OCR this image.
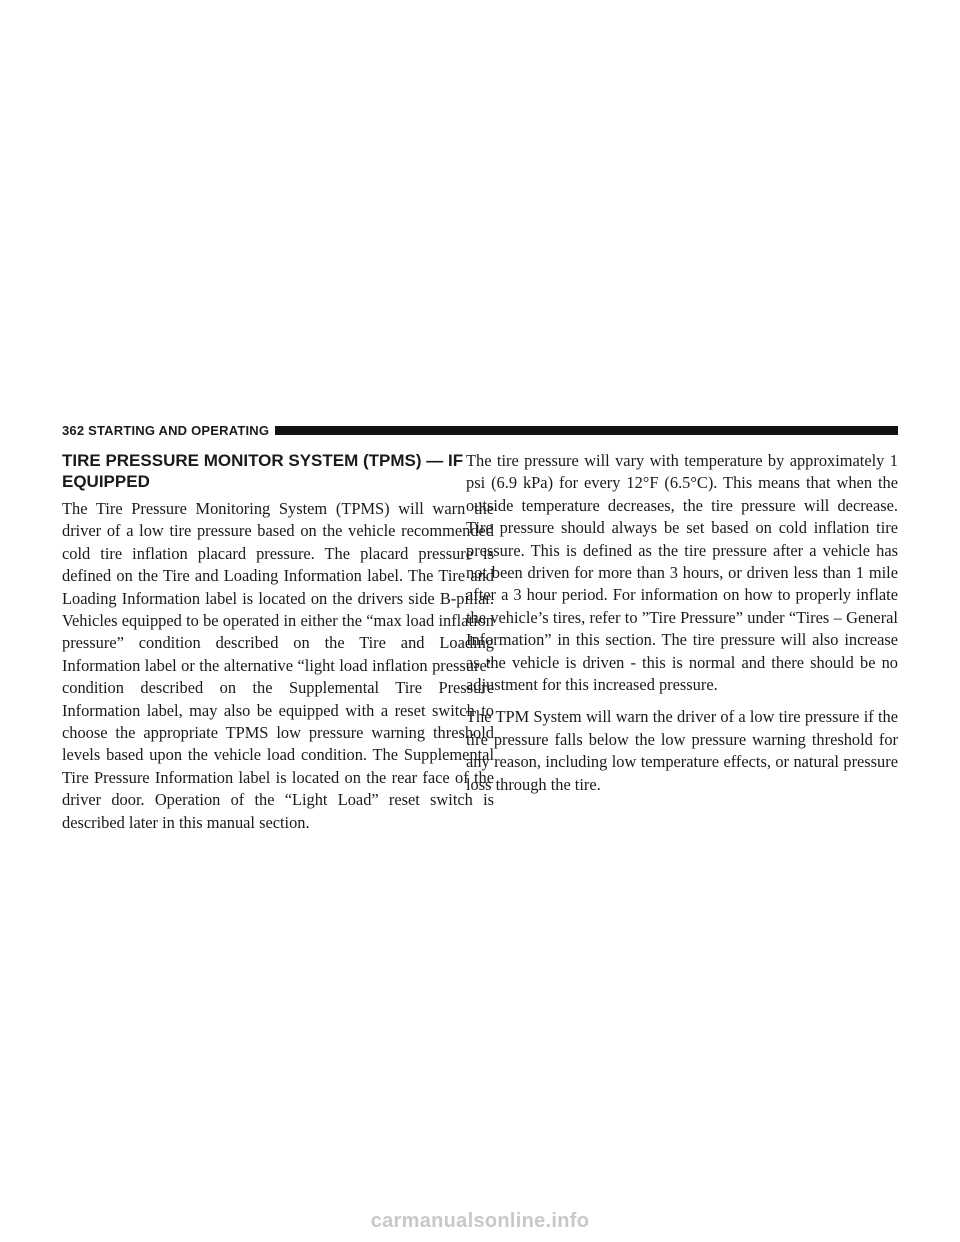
362 STARTING AND OPERATING
TIRE PRESSURE MONITOR SYSTEM (TPMS) — IF EQUIPPED

The Tire Pressure Monitoring System (TPMS) will warn the driver of a low tire pressure based on the vehicle recommended cold tire inflation placard pressure. The placard pressure is defined on the Tire and Loading Information label. The Tire and Loading Information label is located on the drivers side B-pillar. Vehicles equipped to be operated in either the “max load inflation pressure” condition described on the Tire and Loading Information label or the alternative “light load inflation pressure” condition described on the Supplemental Tire Pressure Information label, may also be equipped with a reset switch to choose the appropriate TPMS low pressure warning threshold levels based upon the vehicle load condition. The Supplemental Tire Pressure Information label is located on the rear face of the driver door. Operation of the “Light Load” reset switch is described later in this manual section.

The tire pressure will vary with temperature by approximately 1 psi (6.9 kPa) for every 12°F (6.5°C). This means that when the outside temperature decreases, the tire pressure will decrease. Tire pressure should always be set based on cold inflation tire pressure. This is defined as the tire pressure after a vehicle has not been driven for more than 3 hours, or driven less than 1 mile after a 3 hour period. For information on how to properly inflate the vehicle’s tires, refer to ”Tire Pressure” under “Tires – General Information” in this section. The tire pressure will also increase as the vehicle is driven - this is normal and there should be no adjustment for this increased pressure.

The TPM System will warn the driver of a low tire pressure if the tire pressure falls below the low pressure warning threshold for any reason, including low temperature effects, or natural pressure loss through the tire.

carmanualsonline.info
